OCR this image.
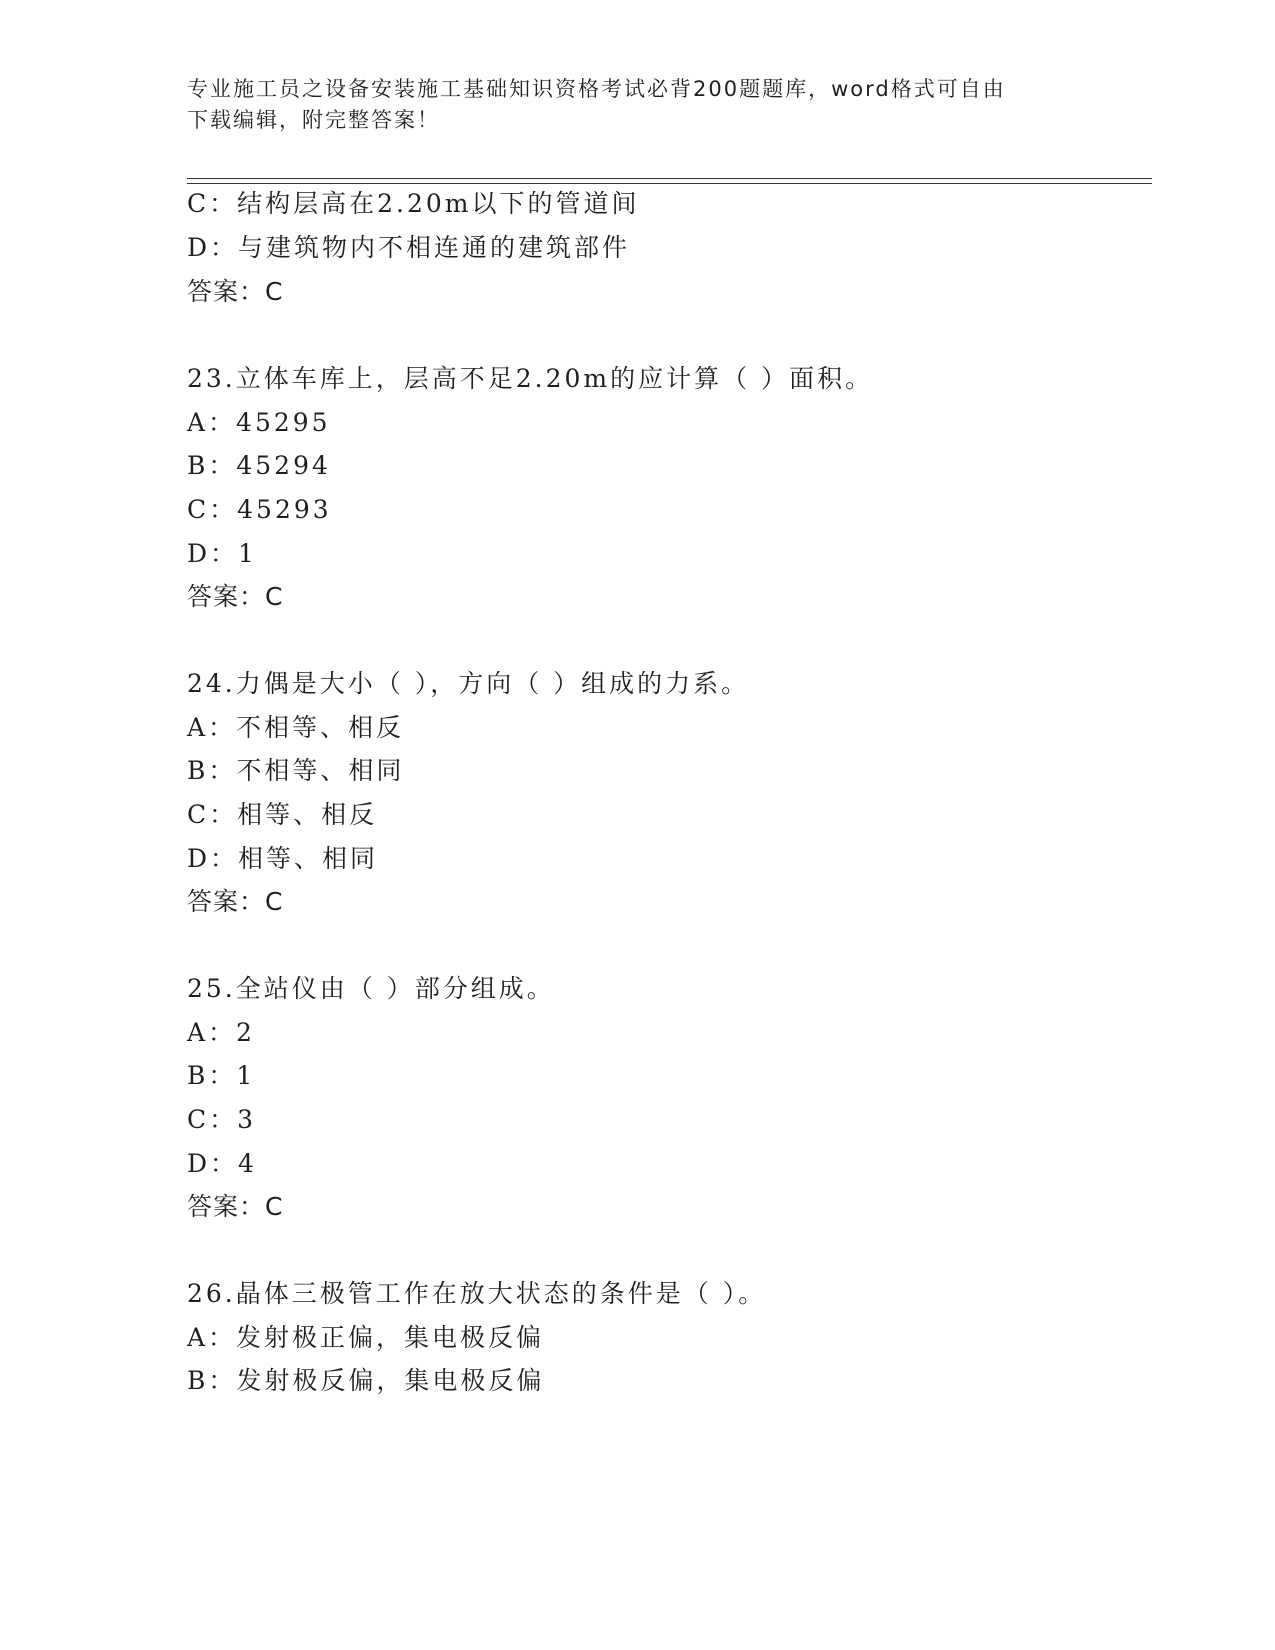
专业施工员之设备安装施工基础知识资格考试必背200题题库，word格式可自由
下载编辑，附完整答案！
C：结构层高在2.20m以下的管道间
D：与建筑物内不相连通的建筑部件
答案：C
23.立体车库上，层高不足2.20m的应计算（ ）面积。
A：45295
B：45294
C：45293
D：1
答案：C
24.力偶是大小（ ），方向（ ）组成的力系。
A：不相等、相反
B：不相等、相同
C：相等、相反
D：相等、相同
答案：C
25.全站仪由（ ）部分组成。
A：2
B：1
C：3
D：4
答案：C
26.晶体三极管工作在放大状态的条件是（ ）。
A：发射极正偏，集电极反偏
B：发射极反偏，集电极反偏
